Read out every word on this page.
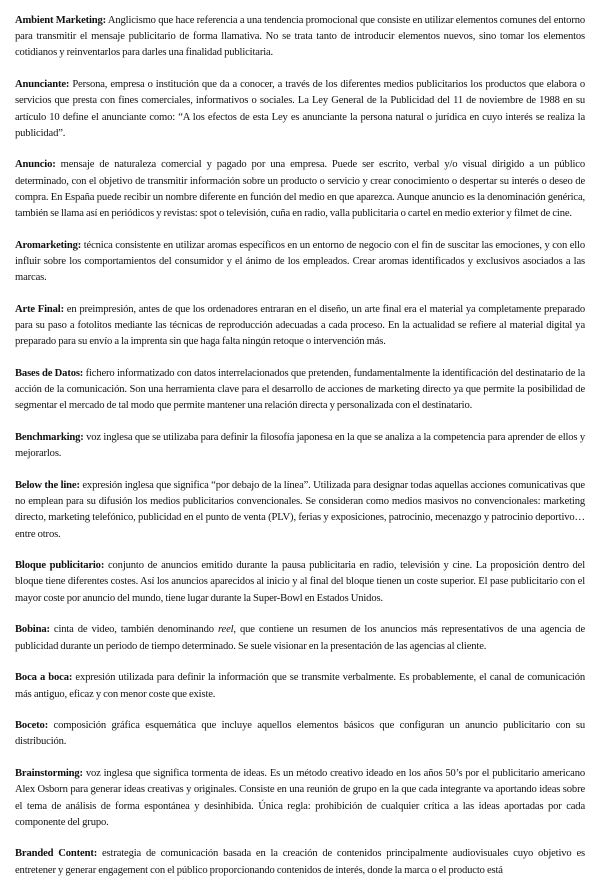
Ambient Marketing: Anglicismo que hace referencia a una tendencia promocional que consiste en utilizar elementos comunes del entorno para transmitir el mensaje publicitario de forma llamativa. No se trata tanto de introducir elementos nuevos, sino tomar los elementos cotidianos y reinventarlos para darles una finalidad publicitaria.

Anunciante: Persona, empresa o institución que da a conocer, a través de los diferentes medios publicitarios los productos que elabora o servicios que presta con fines comerciales, informativos o sociales. La Ley General de la Publicidad del 11 de noviembre de 1988 en su artículo 10 define el anunciante como: “A los efectos de esta Ley es anunciante la persona natural o jurídica en cuyo interés se realiza la publicidad”.

Anuncio: mensaje de naturaleza comercial y pagado por una empresa. Puede ser escrito, verbal y/o visual dirigido a un público determinado, con el objetivo de transmitir información sobre un producto o servicio y crear conocimiento o despertar su interés o deseo de compra. En España puede recibir un nombre diferente en función del medio en que aparezca. Aunque anuncio es la denominación genérica, también se llama así en periódicos y revistas: spot o televisión, cuña en radio, valla publicitaria o cartel en medio exterior y filmet de cine.

Aromarketing: técnica consistente en utilizar aromas específicos en un entorno de negocio con el fin de suscitar las emociones, y con ello influir sobre los comportamientos del consumidor y el ánimo de los empleados. Crear aromas identificados y exclusivos asociados a las marcas.

Arte Final: en preimpresión, antes de que los ordenadores entraran en el diseño, un arte final era el material ya completamente preparado para su paso a fotolitos mediante las técnicas de reproducción adecuadas a cada proceso. En la actualidad se refiere al material digital ya preparado para su envío a la imprenta sin que haga falta ningún retoque o intervención más.

Bases de Datos: fichero informatizado con datos interrelacionados que pretenden, fundamentalmente la identificación del destinatario de la acción de la comunicación. Son una herramienta clave para el desarrollo de acciones de marketing directo ya que permite la posibilidad de segmentar el mercado de tal modo que permite mantener una relación directa y personalizada con el destinatario.

Benchmarking: voz inglesa que se utilizaba para definir la filosofía japonesa en la que se analiza a la competencia para aprender de ellos y mejorarlos.

Below the line: expresión inglesa que significa “por debajo de la línea”. Utilizada para designar todas aquellas acciones comunicativas que no emplean para su difusión los medios publicitarios convencionales. Se consideran como medios masivos no convencionales: marketing directo, marketing telefónico, publicidad en el punto de venta (PLV), ferias y exposiciones, patrocinio, mecenazgo y patrocinio deportivo… entre otros.

Bloque publicitario: conjunto de anuncios emitido durante la pausa publicitaria en radio, televisión y cine. La proposición dentro del bloque tiene diferentes costes. Así los anuncios aparecidos al inicio y al final del bloque tienen un coste superior. El pase publicitario con el mayor coste por anuncio del mundo, tiene lugar durante la Super-Bowl en Estados Unidos.

Bobina: cinta de video, también denominando reel, que contiene un resumen de los anuncios más representativos de una agencia de publicidad durante un periodo de tiempo determinado. Se suele visionar en la presentación de las agencias al cliente.

Boca a boca: expresión utilizada para definir la información que se transmite verbalmente. Es probablemente, el canal de comunicación más antiguo, eficaz y con menor coste que existe.

Boceto: composición gráfica esquemática que incluye aquellos elementos básicos que configuran un anuncio publicitario con su distribución.

Brainstorming: voz inglesa que significa tormenta de ideas. Es un método creativo ideado en los años 50’s por el publicitario americano Alex Osborn para generar ideas creativas y originales. Consiste en una reunión de grupo en la que cada integrante va aportando ideas sobre el tema de análisis de forma espontánea y desinhibida. Única regla: prohibición de cualquier crítica a las ideas aportadas por cada componente del grupo.

Branded Content: estrategia de comunicación basada en la creación de contenidos principalmente audiovisuales cuyo objetivo es entretener y generar engagement con el público proporcionando contenidos de interés, donde la marca o el producto está
